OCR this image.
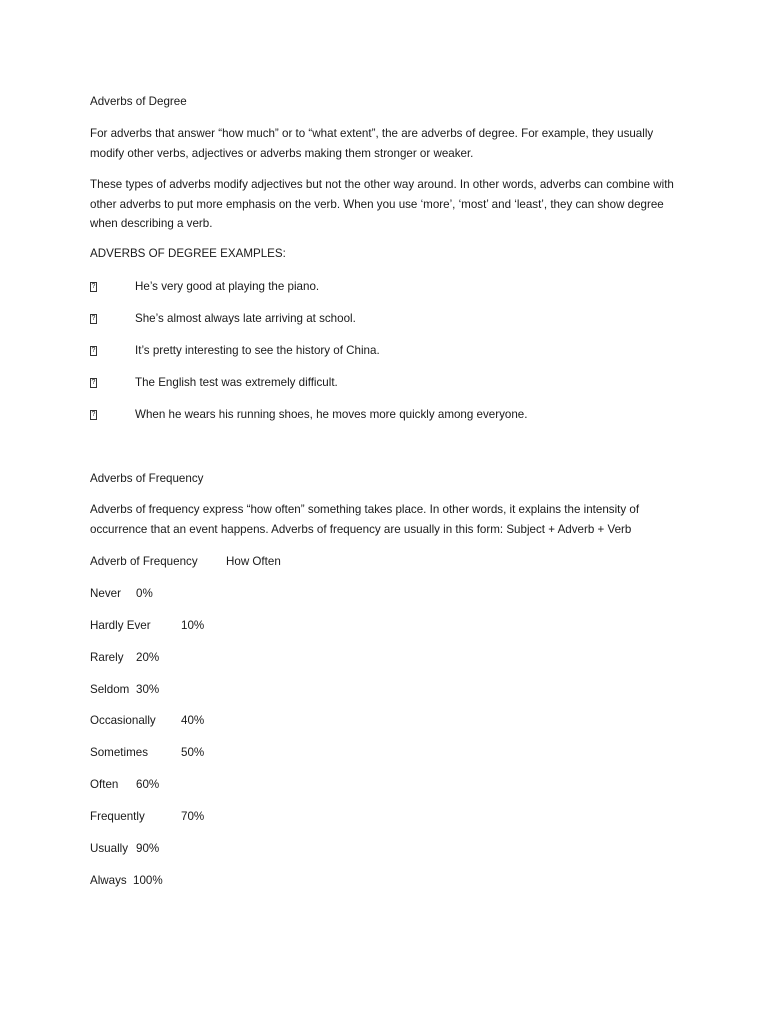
Adverbs of Degree
For adverbs that answer “how much” or to “what extent”, the are adverbs of degree. For example, they usually modify other verbs, adjectives or adverbs making them stronger or weaker.
These types of adverbs modify adjectives but not the other way around. In other words, adverbs can combine with other adverbs to put more emphasis on the verb. When you use ‘more’, ‘most’ and ‘least’, they can show degree when describing a verb.
ADVERBS OF DEGREE EXAMPLES:
?	He’s very good at playing the piano.
?	She’s almost always late arriving at school.
?	It’s pretty interesting to see the history of China.
?	The English test was extremely difficult.
?	When he wears his running shoes, he moves more quickly among everyone.
Adverbs of Frequency
Adverbs of frequency express “how often” something takes place. In other words, it explains the intensity of occurrence that an event happens. Adverbs of frequency are usually in this form: Subject + Adverb + Verb
Adverb of Frequency How Often
Never 0%
Hardly Ever	10%
Rarely 20%
Seldom 30%
Occasionally 40%
Sometimes	50%
Often 60%
Frequently	70%
Usually 90%
Always 100%
